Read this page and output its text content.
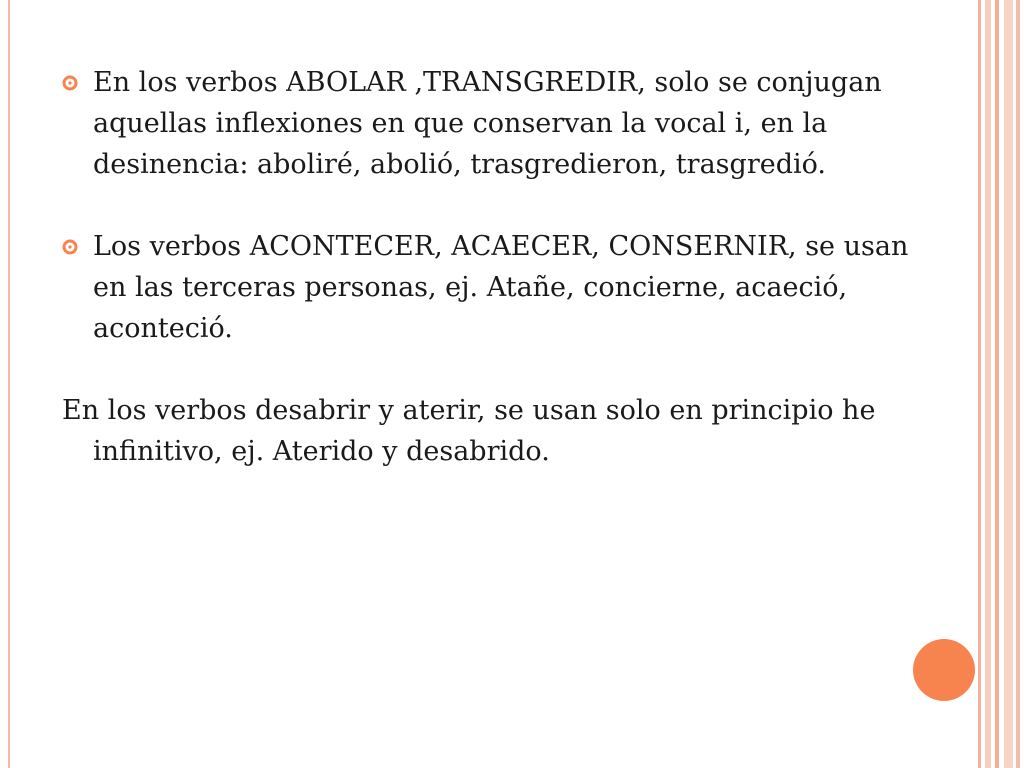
En los verbos ABOLAR ,TRANSGREDIR, solo se conjugan aquellas inflexiones en que conservan la vocal i, en la desinencia: aboliré, abolió, trasgredieron, trasgredió.
Los verbos ACONTECER, ACAECER, CONSERNIR, se usan en las terceras personas, ej. Atañe, concierne, acaeció, aconteció.

En los verbos desabrir y aterir, se usan solo en principio he infinitivo, ej. Aterido y desabrido.
